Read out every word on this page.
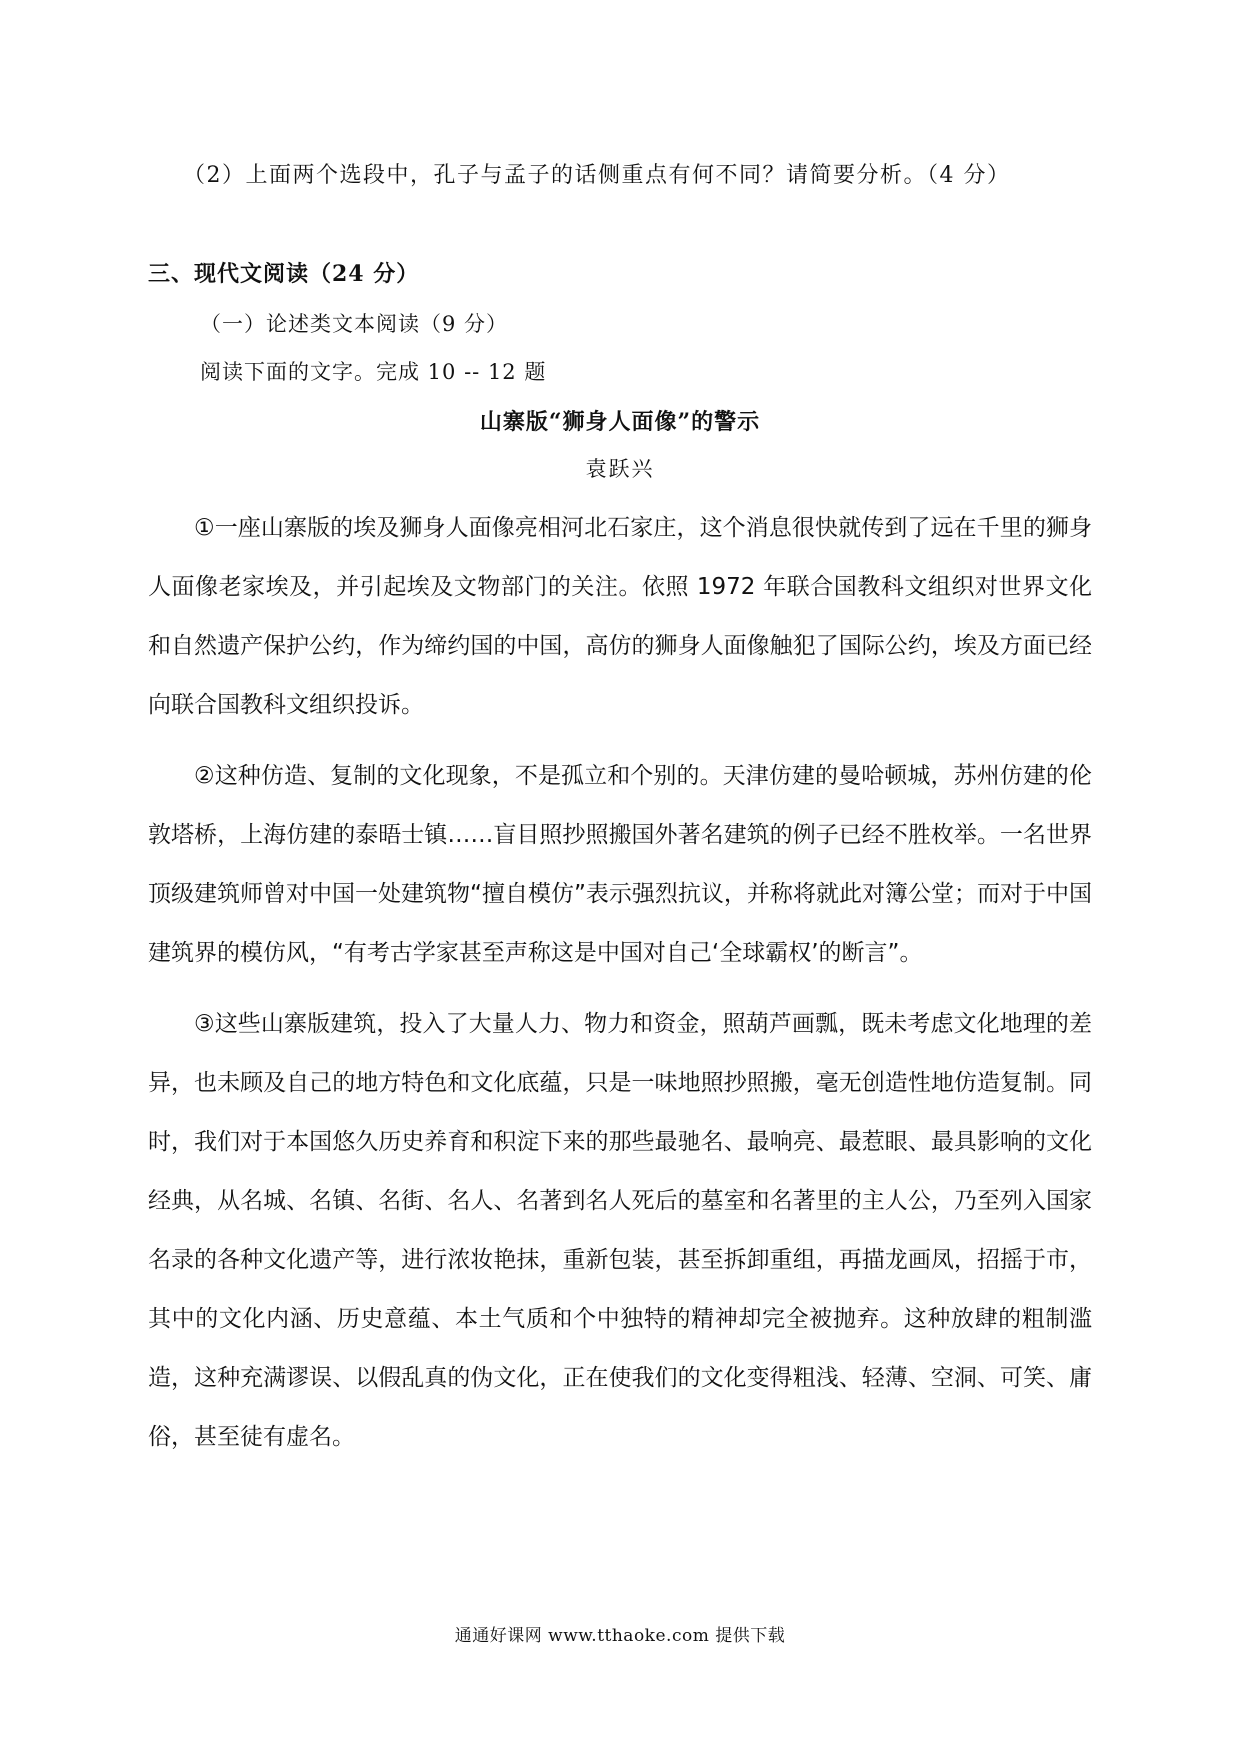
（2）上面两个选段中，孔子与孟子的话侧重点有何不同？请简要分析。（4 分）

三、现代文阅读（24 分）

（一）论述类文本阅读（9 分）

阅读下面的文字。完成 10 -- 12 题

山寨版“狮身人面像”的警示

袁跃兴

①一座山寨版的埃及狮身人面像亮相河北石家庄，这个消息很快就传到了远在千里的狮身人面像老家埃及，并引起埃及文物部门的关注。依照 1972 年联合国教科文组织对世界文化和自然遗产保护公约，作为缔约国的中国，高仿的狮身人面像触犯了国际公约，埃及方面已经向联合国教科文组织投诉。

②这种仿造、复制的文化现象，不是孤立和个别的。天津仿建的曼哈顿城，苏州仿建的伦敦塔桥，上海仿建的泰晤士镇……盲目照抄照搬国外著名建筑的例子已经不胜枚举。一名世界顶级建筑师曾对中国一处建筑物“擅自模仿”表示强烈抗议，并称将就此对簿公堂；而对于中国建筑界的模仿风，“有考古学家甚至声称这是中国对自己‘全球霸权’的断言”。

③这些山寨版建筑，投入了大量人力、物力和资金，照葫芦画瓢，既未考虑文化地理的差异，也未顾及自己的地方特色和文化底蕴，只是一味地照抄照搬，毫无创造性地仿造复制。同时，我们对于本国悠久历史养育和积淀下来的那些最驰名、最响亮、最惹眼、最具影响的文化经典，从名城、名镇、名街、名人、名著到名人死后的墓室和名著里的主人公，乃至列入国家名录的各种文化遗产等，进行浓妆艳抹，重新包装，甚至拆卸重组，再描龙画凤，招摇于市，其中的文化内涵、历史意蕴、本土气质和个中独特的精神却完全被抛弃。这种放肆的粗制滥造，这种充满谬误、以假乱真的伪文化，正在使我们的文化变得粗浅、轻薄、空洞、可笑、庸俗，甚至徒有虚名。

通通好课网 www.tthaoke.com 提供下载
